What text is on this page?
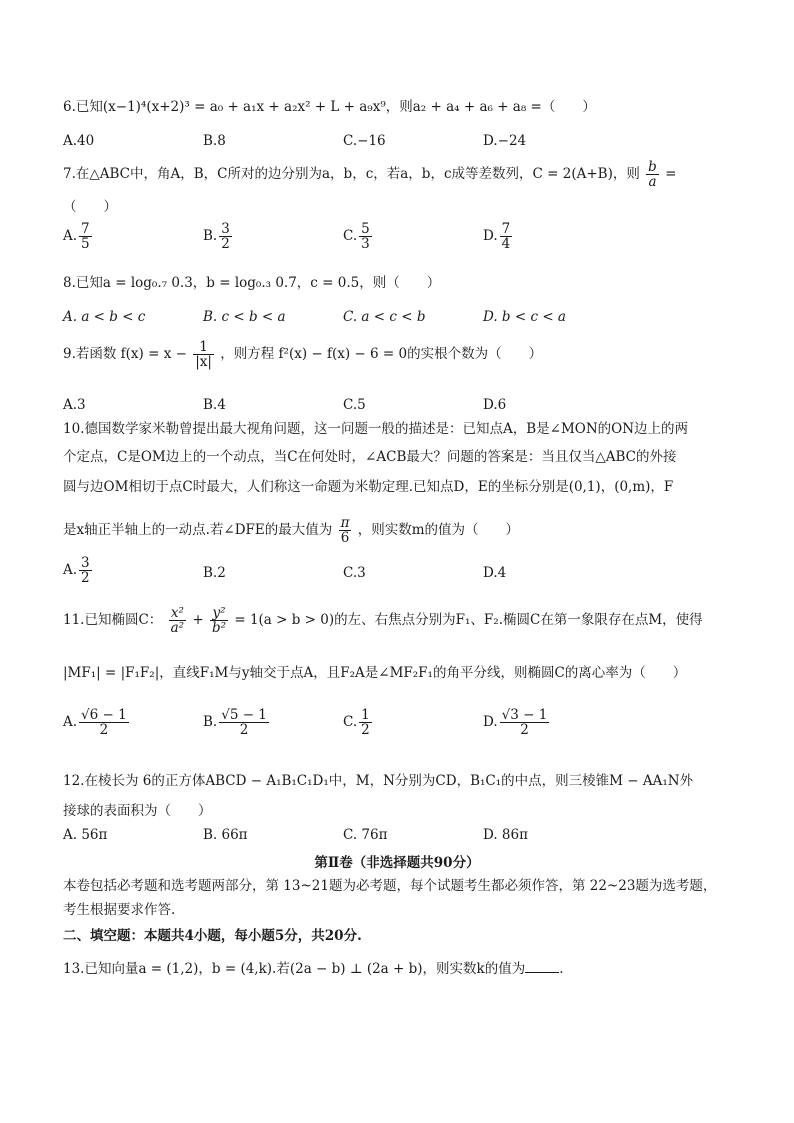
6.已知(x−1)⁴(x+2)³ = a₀ + a₁x + a₂x² + L + a₉x⁹，则a₂ + a₄ + a₆ + a₈ =（　　）
A.40	B.8	C.−16	D.−24
7.在△ABC中，角A，B，C所对的边分别为a，b，c，若a，b，c成等差数列，C = 2(A+B)，则 $\frac{b}{a}$ =
（　　）
A. $\frac{7}{5}$	B. $\frac{3}{2}$	C. $\frac{5}{3}$	D. $\frac{7}{4}$
8.已知a = log₀.₇ 0.3，b = log₀.₃ 0.7，c = 0.5，则（　　）
A. a < b < c	B. c < b < a	C. a < c < b	D. b < c < a
9.若函数 $f(x) = x - \frac{1}{|x|}$ ，则方程 f²(x) − f(x) − 6 = 0的实根个数为（　　）
A.3	B.4	C.5	D.6
10.德国数学家米勒曾提出最大视角问题，这一问题一般的描述是：已知点A，B是∠MON的ON边上的两
个定点，C是OM边上的一个动点，当C在何处时，∠ACB最大？问题的答案是：当且仅当△ABC的外接
圆与边OM相切于点C时最大，人们称这一命题为米勒定理.已知点D，E的坐标分别是(0,1)，(0,m)，F
是x轴正半轴上的一动点.若∠DFE的最大值为 $\frac{\pi}{6}$ ，则实数m的值为（　　）
A. $\frac{3}{2}$	B.2	C.3	D.4
11.已知椭圆C： $\frac{\text{x²}}{\text{a²}} + \frac{\text{y²}}{\text{b²}} = 1(a > b > 0)$的左、右焦点分别为F₁、F₂.椭圆C在第一象限存在点M，使得
|MF₁| = |F₁F₂|，直线F₁M与y轴交于点A，且F₂A是∠MF₂F₁的角平分线，则椭圆C的离心率为（　　）
A. $\frac{√6 - 1}{2}$	B. $\frac{√5 - 1}{2}$	C. $\frac{1}{2}$	D. $\frac{√3 - 1}{2}$
12.在棱长为 6的正方体ABCD − A₁B₁C₁D₁中，M，N分别为CD，B₁C₁的中点，则三棱锥M − AA₁N外
接球的表面积为（　　）
A. 56π	B. 66π	C. 76π	D. 86π
第Ⅱ卷（非选择题共90分）
本卷包括必考题和选考题两部分，第 13~21题为必考题，每个试题考生都必须作答，第 22~23题为选考题，
考生根据要求作答.
二、填空题：本题共4小题，每小题5分，共20分.
13.已知向量a = (1,2)，b = (4,k).若(2a − b) ⊥ (2a + b)，则实数k的值为	.
